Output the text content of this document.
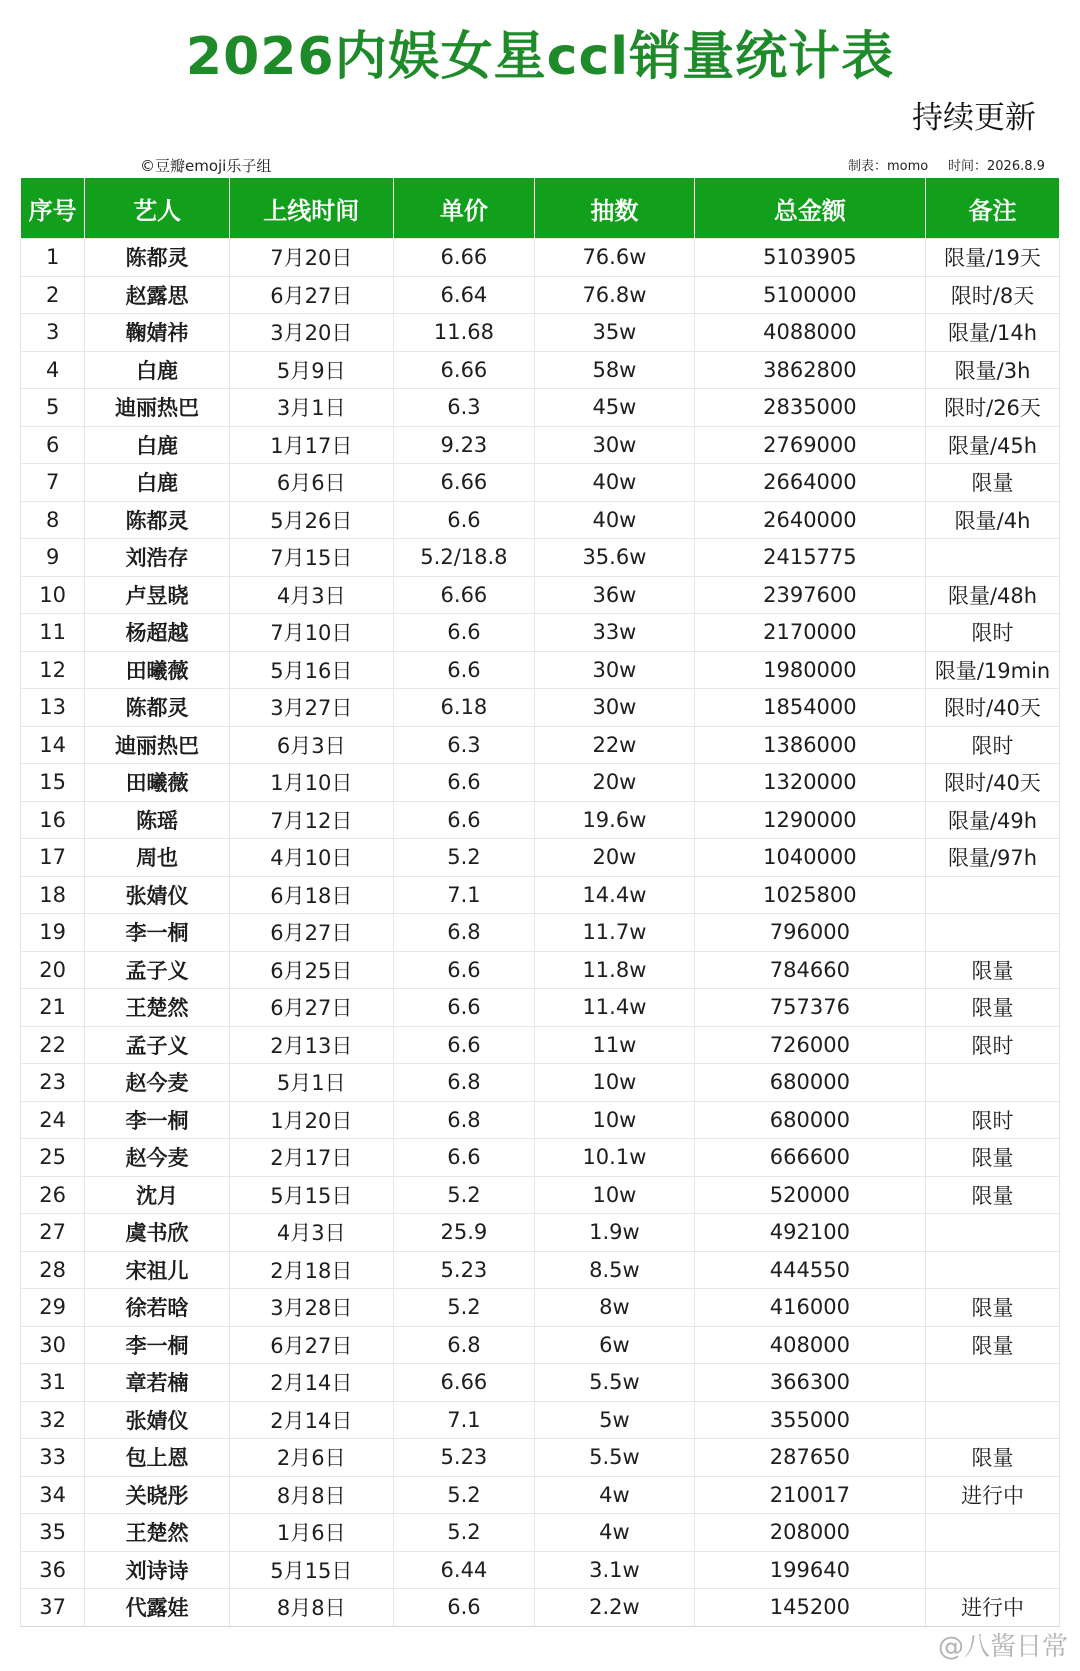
2026内娱女星ccl销量统计表
持续更新
©豆瓣emoji乐子组	制表：momo 时间：2026.8.9
序号	艺人	上线时间	单价	抽数	总金额	备注
1	陈都灵	7月20日	6.66	76.6w	5103905	限量/19天
2	赵露思	6月27日	6.64	76.8w	5100000	限时/8天
3	鞠婧祎	3月20日	11.68	35w	4088000	限量/14h
4	白鹿	5月9日	6.66	58w	3862800	限量/3h
5	迪丽热巴	3月1日	6.3	45w	2835000	限时/26天
6	白鹿	1月17日	9.23	30w	2769000	限量/45h
7	白鹿	6月6日	6.66	40w	2664000	限量
8	陈都灵	5月26日	6.6	40w	2640000	限量/4h
9	刘浩存	7月15日	5.2/18.8	35.6w	2415775	
10	卢昱晓	4月3日	6.66	36w	2397600	限量/48h
11	杨超越	7月10日	6.6	33w	2170000	限时
12	田曦薇	5月16日	6.6	30w	1980000	限量/19min
13	陈都灵	3月27日	6.18	30w	1854000	限时/40天
14	迪丽热巴	6月3日	6.3	22w	1386000	限时
15	田曦薇	1月10日	6.6	20w	1320000	限时/40天
16	陈瑶	7月12日	6.6	19.6w	1290000	限量/49h
17	周也	4月10日	5.2	20w	1040000	限量/97h
18	张婧仪	6月18日	7.1	14.4w	1025800	
19	李一桐	6月27日	6.8	11.7w	796000	
20	孟子义	6月25日	6.6	11.8w	784660	限量
21	王楚然	6月27日	6.6	11.4w	757376	限量
22	孟子义	2月13日	6.6	11w	726000	限时
23	赵今麦	5月1日	6.8	10w	680000	
24	李一桐	1月20日	6.8	10w	680000	限时
25	赵今麦	2月17日	6.6	10.1w	666600	限量
26	沈月	5月15日	5.2	10w	520000	限量
27	虞书欣	4月3日	25.9	1.9w	492100	
28	宋祖儿	2月18日	5.23	8.5w	444550	
29	徐若晗	3月28日	5.2	8w	416000	限量
30	李一桐	6月27日	6.8	6w	408000	限量
31	章若楠	2月14日	6.66	5.5w	366300	
32	张婧仪	2月14日	7.1	5w	355000	
33	包上恩	2月6日	5.23	5.5w	287650	限量
34	关晓彤	8月8日	5.2	4w	210017	进行中
35	王楚然	1月6日	5.2	4w	208000	
36	刘诗诗	5月15日	6.44	3.1w	199640	
37	代露娃	8月8日	6.6	2.2w	145200	进行中
@八酱日常
